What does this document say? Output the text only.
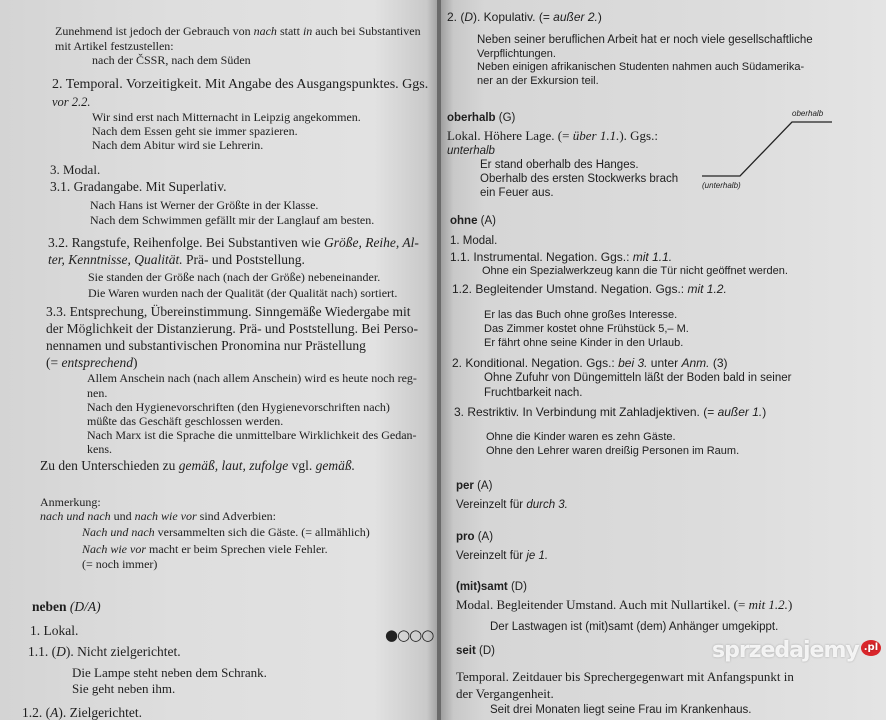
Zunehmend ist jedoch der Gebrauch von nach statt in auch bei Substantiven
mit Artikel festzustellen:
nach der ČSSR, nach dem Süden
2. Temporal. Vorzeitigkeit. Mit Angabe des Ausgangspunktes. Ggs.
vor 2.2.
Wir sind erst nach Mitternacht in Leipzig angekommen.
Nach dem Essen geht sie immer spazieren.
Nach dem Abitur wird sie Lehrerin.
3. Modal.
3.1. Gradangabe. Mit Superlativ.
Nach Hans ist Werner der Größte in der Klasse.
Nach dem Schwimmen gefällt mir der Langlauf am besten.
3.2. Rangstufe, Reihenfolge. Bei Substantiven wie Größe, Reihe, Al-
ter, Kenntnisse, Qualität. Prä- und Poststellung.
Sie standen der Größe nach (nach der Größe) nebeneinander.
Die Waren wurden nach der Qualität (der Qualität nach) sortiert.
3.3. Entsprechung, Übereinstimmung. Sinngemäße Wiedergabe mit
der Möglichkeit der Distanzierung. Prä- und Poststellung. Bei Perso-
nennamen und substantivischen Pronomina nur Prästellung
(= entsprechend)
Allem Anschein nach (nach allem Anschein) wird es heute noch reg-
nen.
Nach den Hygienevorschriften (den Hygienevorschriften nach)
müßte das Geschäft geschlossen werden.
Nach Marx ist die Sprache die unmittelbare Wirklichkeit des Gedan-
kens.
Zu den Unterschieden zu gemäß, laut, zufolge vgl. gemäß.
Anmerkung:
nach und nach und nach wie vor sind Adverbien:
Nach und nach versammelten sich die Gäste. (= allmählich)
Nach wie vor macht er beim Sprechen viele Fehler.
(= noch immer)
neben (D/A)
1. Lokal.
1.1. (D). Nicht zielgerichtet.
Die Lampe steht neben dem Schrank.
Sie geht neben ihm.
1.2. (A). Zielgerichtet.
2. (D). Kopulativ. (= außer 2.)
Neben seiner beruflichen Arbeit hat er noch viele gesellschaftliche
Verpflichtungen.
Neben einigen afrikanischen Studenten nahmen auch Südamerika-
ner an der Exkursion teil.
oberhalb (G)
Lokal. Höhere Lage. (= über 1.1.). Ggs.:
unterhalb
Er stand oberhalb des Hanges.
Oberhalb des ersten Stockwerks brach
ein Feuer aus.
ohne (A)
1. Modal.
1.1. Instrumental. Negation. Ggs.: mit 1.1.
Ohne ein Spezialwerkzeug kann die Tür nicht geöffnet werden.
1.2. Begleitender Umstand. Negation. Ggs.: mit 1.2.
Er las das Buch ohne großes Interesse.
Das Zimmer kostet ohne Frühstück 5,– M.
Er fährt ohne seine Kinder in den Urlaub.
2. Konditional. Negation. Ggs.: bei 3. unter Anm. (3)
Ohne Zufuhr von Düngemitteln läßt der Boden bald in seiner
Fruchtbarkeit nach.
3. Restriktiv. In Verbindung mit Zahladjektiven. (= außer 1.)
Ohne die Kinder waren es zehn Gäste.
Ohne den Lehrer waren dreißig Personen im Raum.
per (A)
Vereinzelt für durch 3.
pro (A)
Vereinzelt für je 1.
(mit)samt (D)
Modal. Begleitender Umstand. Auch mit Nullartikel. (= mit 1.2.)
Der Lastwagen ist (mit)samt (dem) Anhänger umgekippt.
seit (D)
Temporal. Zeitdauer bis Sprechergegenwart mit Anfangspunkt in
der Vergangenheit.
Seit drei Monaten liegt seine Frau im Krankenhaus.
oberhalb
(unterhalb)
●○○○
sprzedajemy .pl
